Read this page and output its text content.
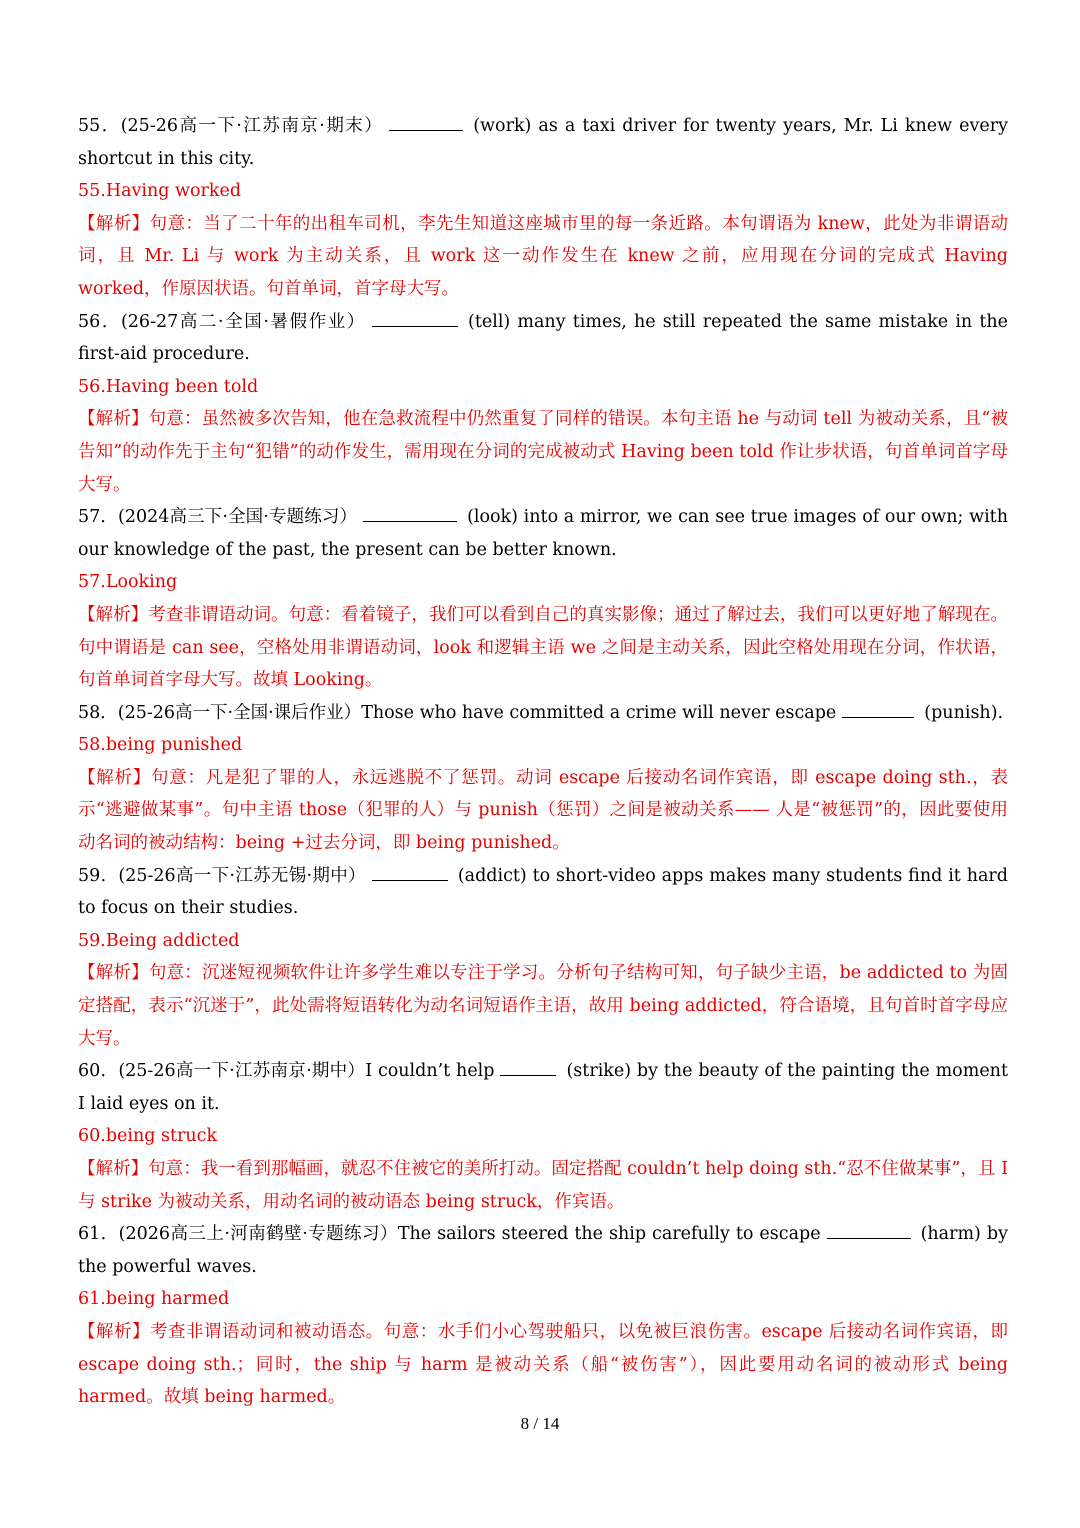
55．(25-26高一下·江苏南京·期末）	(work) as a taxi driver for twenty years, Mr. Li knew every shortcut in this city.

55.Having worked

【解析】句意：当了二十年的出租车司机，李先生知道这座城市里的每一条近路。本句谓语为 knew，此处为非谓语动词，且 Mr. Li 与 work 为主动关系，且 work 这一动作发生在 knew 之前，应用现在分词的完成式 Having worked，作原因状语。句首单词，首字母大写。

56．(26-27高二·全国·暑假作业）	(tell) many times, he still repeated the same mistake in the first-aid procedure.

56.Having been told

【解析】句意：虽然被多次告知，他在急救流程中仍然重复了同样的错误。本句主语 he 与动词 tell 为被动关系，且“被告知”的动作先于主句“犯错”的动作发生，需用现在分词的完成被动式 Having been told 作让步状语，句首单词首字母大写。

57．(2024高三下·全国·专题练习）	(look) into a mirror, we can see true images of our own; with our knowledge of the past, the present can be better known.

57.Looking

【解析】考查非谓语动词。句意：看着镜子，我们可以看到自己的真实影像；通过了解过去，我们可以更好地了解现在。句中谓语是 can see，空格处用非谓语动词，look 和逻辑主语 we 之间是主动关系，因此空格处用现在分词，作状语，句首单词首字母大写。故填 Looking。

58．(25-26高一下·全国·课后作业）Those who have committed a crime will never escape	(punish).

58.being punished

【解析】句意：凡是犯了罪的人，永远逃脱不了惩罚。动词 escape 后接动名词作宾语，即 escape doing sth.，表示“逃避做某事”。句中主语 those（犯罪的人）与 punish（惩罚）之间是被动关系—— 人是“被惩罚”的，因此要使用动名词的被动结构：being +过去分词，即 being punished。

59．(25-26高一下·江苏无锡·期中）	(addict) to short-video apps makes many students find it hard to focus on their studies.

59.Being addicted

【解析】句意：沉迷短视频软件让许多学生难以专注于学习。分析句子结构可知，句子缺少主语，be addicted to 为固定搭配，表示“沉迷于”，此处需将短语转化为动名词短语作主语，故用 being addicted，符合语境，且句首时首字母应大写。

60．(25-26高一下·江苏南京·期中）I couldn’t help	(strike) by the beauty of the painting the moment I laid eyes on it.

60.being struck

【解析】句意：我一看到那幅画，就忍不住被它的美所打动。固定搭配 couldn’t help doing sth.“忍不住做某事”，且 I 与 strike 为被动关系，用动名词的被动语态 being struck，作宾语。

61．(2026高三上·河南鹤壁·专题练习）The sailors steered the ship carefully to escape	(harm) by the powerful waves.

61.being harmed

【解析】考查非谓语动词和被动语态。句意：水手们小心驾驶船只，以免被巨浪伤害。escape 后接动名词作宾语，即 escape doing sth.；同时，the ship 与 harm 是被动关系（船“被伤害”），因此要用动名词的被动形式 being harmed。故填 being harmed。

8 / 14
